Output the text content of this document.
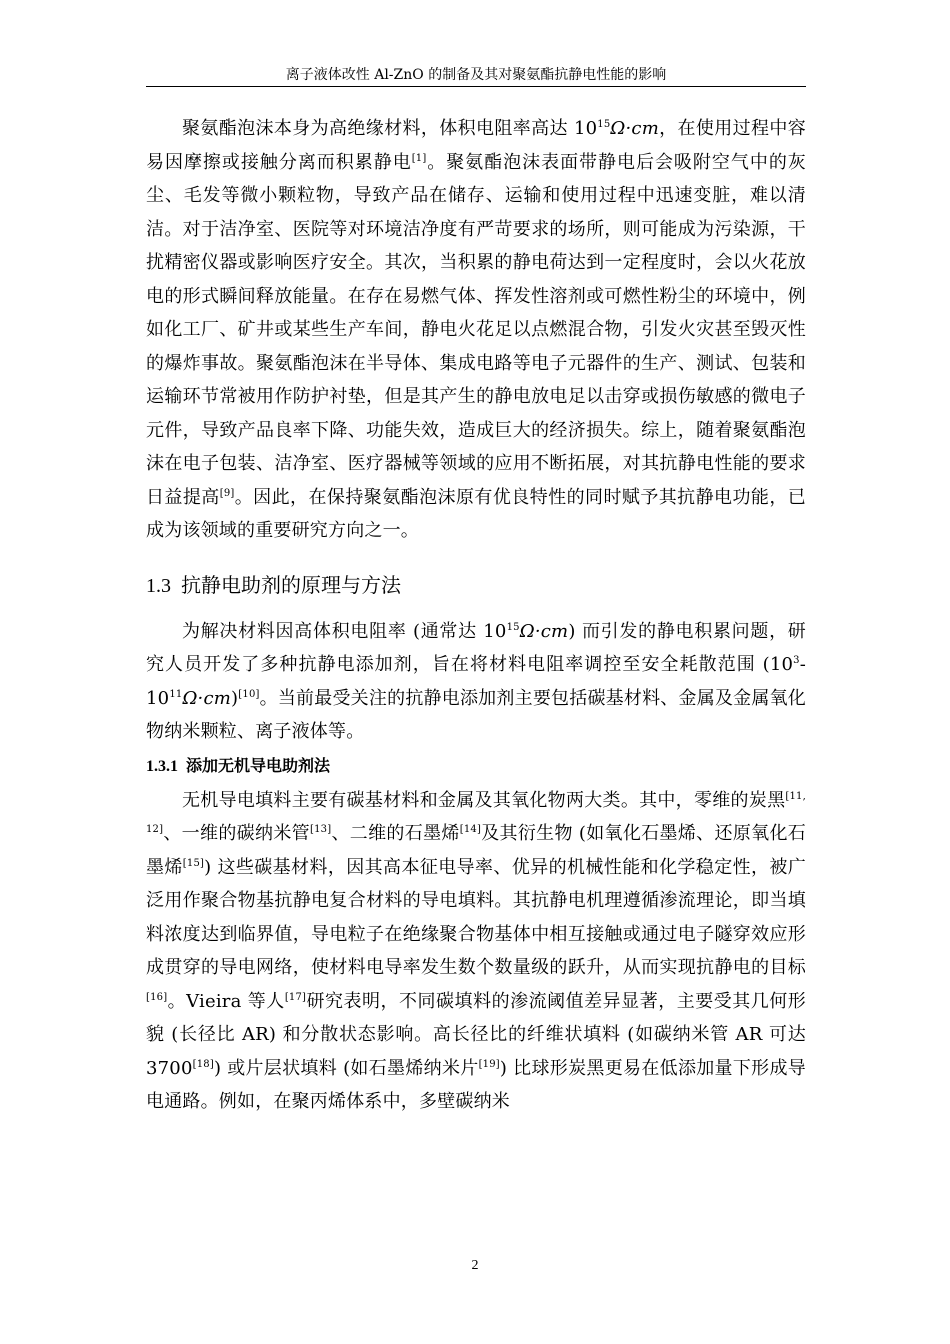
离子液体改性 Al-ZnO 的制备及其对聚氨酯抗静电性能的影响

聚氨酯泡沫本身为高绝缘材料，体积电阻率高达 $10^{15}\Omega\cdot cm$，在使用过程中容易因摩擦或接触分离而积累静电[1]。聚氨酯泡沫表面带静电后会吸附空气中的灰尘、毛发等微小颗粒物，导致产品在储存、运输和使用过程中迅速变脏，难以清洁。对于洁净室、医院等对环境洁净度有严苛要求的场所，则可能成为污染源，干扰精密仪器或影响医疗安全。其次，当积累的静电荷达到一定程度时，会以火花放电的形式瞬间释放能量。在存在易燃气体、挥发性溶剂或可燃性粉尘的环境中，例如化工厂、矿井或某些生产车间，静电火花足以点燃混合物，引发火灾甚至毁灭性的爆炸事故。聚氨酯泡沫在半导体、集成电路等电子元器件的生产、测试、包装和运输环节常被用作防护衬垫，但是其产生的静电放电足以击穿或损伤敏感的微电子元件，导致产品良率下降、功能失效，造成巨大的经济损失。综上，随着聚氨酯泡沫在电子包装、洁净室、医疗器械等领域的应用不断拓展，对其抗静电性能的要求日益提高[9]。因此，在保持聚氨酯泡沫原有优良特性的同时赋予其抗静电功能，已成为该领域的重要研究方向之一。

1.3 抗静电助剂的原理与方法

为解决材料因高体积电阻率 (通常达 $10^{15}\Omega\cdot cm$) 而引发的静电积累问题，研究人员开发了多种抗静电添加剂，旨在将材料电阻率调控至安全耗散范围 $(10^3-10^{11}\Omega\cdot cm)[10]$。当前最受关注的抗静电添加剂主要包括碳基材料、金属及金属氧化物纳米颗粒、离子液体等。

1.3.1 添加无机导电助剂法

无机导电填料主要有碳基材料和金属及其氧化物两大类。其中，零维的炭黑[11, 12]、一维的碳纳米管[13]、二维的石墨烯[14]及其衍生物 (如氧化石墨烯、还原氧化石墨烯[15]) 这些碳基材料，因其高本征电导率、优异的机械性能和化学稳定性，被广泛用作聚合物基抗静电复合材料的导电填料。其抗静电机理遵循渗流理论，即当填料浓度达到临界值，导电粒子在绝缘聚合物基体中相互接触或通过电子隧穿效应形成贯穿的导电网络，使材料电导率发生数个数量级的跃升，从而实现抗静电的目标[16]。Vieira 等人[17]研究表明，不同碳填料的渗流阈值差异显著，主要受其几何形貌 (长径比 AR) 和分散状态影响。高长径比的纤维状填料 (如碳纳米管 AR 可达 3700[18]) 或片层状填料 (如石墨烯纳米片[19]) 比球形炭黑更易在低添加量下形成导电通路。例如，在聚丙烯体系中，多壁碳纳米

2
